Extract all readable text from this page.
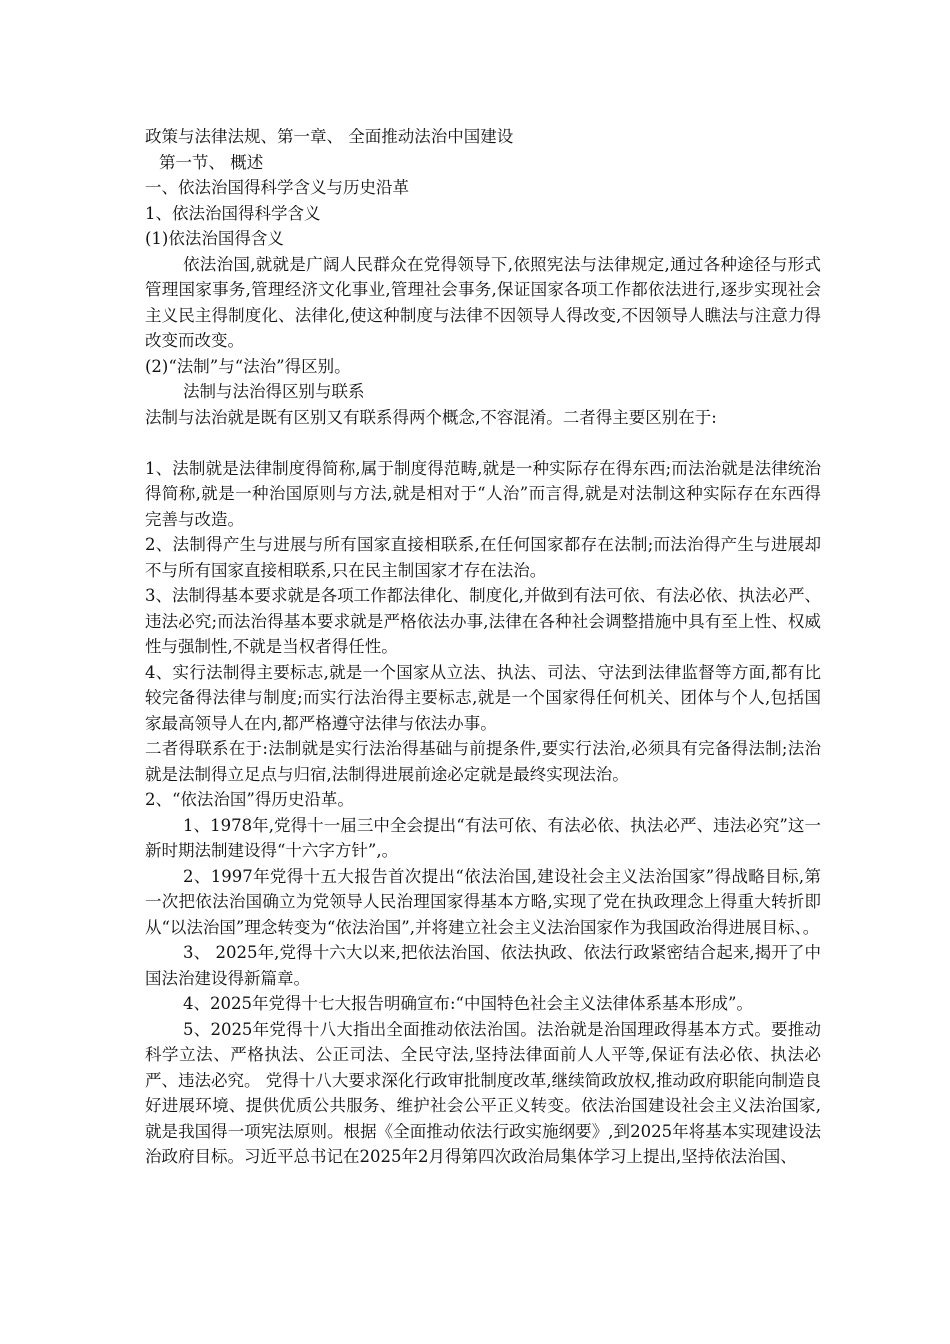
政策与法律法规、第一章、 全面推动法治中国建设

第一节、 概述

一、依法治国得科学含义与历史沿革

1、依法治国得科学含义

(1)依法治国得含义

依法治国,就就是广阔人民群众在党得领导下,依照宪法与法律规定,通过各种途径与形式管理国家事务,管理经济文化事业,管理社会事务,保证国家各项工作都依法进行,逐步实现社会主义民主得制度化、法律化,使这种制度与法律不因领导人得改变,不因领导人瞧法与注意力得改变而改变。

(2)“法制”与“法治”得区别。

法制与法治得区别与联系

法制与法治就是既有区别又有联系得两个概念,不容混淆。二者得主要区别在于:

1、法制就是法律制度得简称,属于制度得范畴,就是一种实际存在得东西;而法治就是法律统治得简称,就是一种治国原则与方法,就是相对于“人治”而言得,就是对法制这种实际存在东西得完善与改造。

2、法制得产生与进展与所有国家直接相联系,在任何国家都存在法制;而法治得产生与进展却不与所有国家直接相联系,只在民主制国家才存在法治。

3、法制得基本要求就是各项工作都法律化、制度化,并做到有法可依、有法必依、执法必严、违法必究;而法治得基本要求就是严格依法办事,法律在各种社会调整措施中具有至上性、权威性与强制性,不就是当权者得任性。

4、实行法制得主要标志,就是一个国家从立法、执法、司法、守法到法律监督等方面,都有比较完备得法律与制度;而实行法治得主要标志,就是一个国家得任何机关、团体与个人,包括国家最高领导人在内,都严格遵守法律与依法办事。

二者得联系在于:法制就是实行法治得基础与前提条件,要实行法治,必须具有完备得法制;法治就是法制得立足点与归宿,法制得进展前途必定就是最终实现法治。

2、“依法治国”得历史沿革。

1、1978年,党得十一届三中全会提出“有法可依、有法必依、执法必严、违法必究”这一新时期法制建设得“十六字方针”,。

2、1997年党得十五大报告首次提出“依法治国,建设社会主义法治国家”得战略目标,第一次把依法治国确立为党领导人民治理国家得基本方略,实现了党在执政理念上得重大转折即从“以法治国”理念转变为“依法治国”,并将建立社会主义法治国家作为我国政治得进展目标、。

3、 2025年,党得十六大以来,把依法治国、依法执政、依法行政紧密结合起来,揭开了中国法治建设得新篇章。

4、2025年党得十七大报告明确宣布:“中国特色社会主义法律体系基本形成”。

5、2025年党得十八大指出全面推动依法治国。法治就是治国理政得基本方式。要推动科学立法、严格执法、公正司法、全民守法,坚持法律面前人人平等,保证有法必依、执法必严、违法必究。 党得十八大要求深化行政审批制度改革,继续简政放权,推动政府职能向制造良好进展环境、提供优质公共服务、维护社会公平正义转变。依法治国建设社会主义法治国家,就是我国得一项宪法原则。根据《全面推动依法行政实施纲要》,到2025年将基本实现建设法治政府目标。习近平总书记在2025年2月得第四次政治局集体学习上提出,坚持依法治国、
